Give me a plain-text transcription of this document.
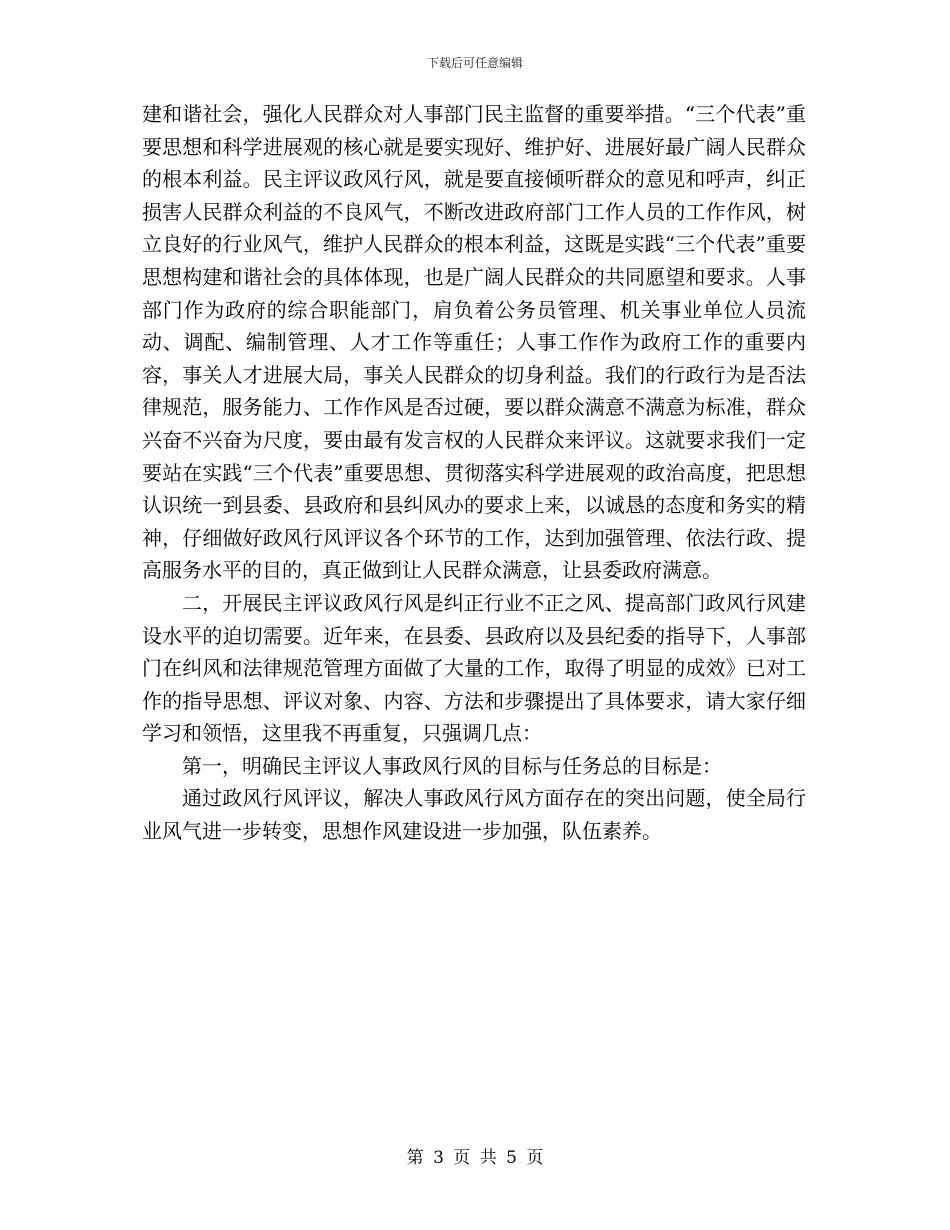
下载后可任意编辑

建和谐社会，强化人民群众对人事部门民主监督的重要举措。“三个代表”重要思想和科学进展观的核心就是要实现好、维护好、进展好最广阔人民群众的根本利益。民主评议政风行风，就是要直接倾听群众的意见和呼声，纠正损害人民群众利益的不良风气，不断改进政府部门工作人员的工作作风，树立良好的行业风气，维护人民群众的根本利益，这既是实践“三个代表”重要思想构建和谐社会的具体体现，也是广阔人民群众的共同愿望和要求。人事部门作为政府的综合职能部门，肩负着公务员管理、机关事业单位人员流动、调配、编制管理、人才工作等重任；人事工作作为政府工作的重要内容，事关人才进展大局，事关人民群众的切身利益。我们的行政行为是否法律规范，服务能力、工作作风是否过硬，要以群众满意不满意为标准，群众兴奋不兴奋为尺度，要由最有发言权的人民群众来评议。这就要求我们一定要站在实践“三个代表”重要思想、贯彻落实科学进展观的政治高度，把思想认识统一到县委、县政府和县纠风办的要求上来，以诚恳的态度和务实的精神，仔细做好政风行风评议各个环节的工作，达到加强管理、依法行政、提高服务水平的目的，真正做到让人民群众满意，让县委政府满意。

二，开展民主评议政风行风是纠正行业不正之风、提高部门政风行风建设水平的迫切需要。近年来，在县委、县政府以及县纪委的指导下，人事部门在纠风和法律规范管理方面做了大量的工作，取得了明显的成效》已对工作的指导思想、评议对象、内容、方法和步骤提出了具体要求，请大家仔细学习和领悟，这里我不再重复，只强调几点：

第一，明确民主评议人事政风行风的目标与任务总的目标是：

通过政风行风评议，解决人事政风行风方面存在的突出问题，使全局行业风气进一步转变，思想作风建设进一步加强，队伍素养。

第 3 页 共 5 页
